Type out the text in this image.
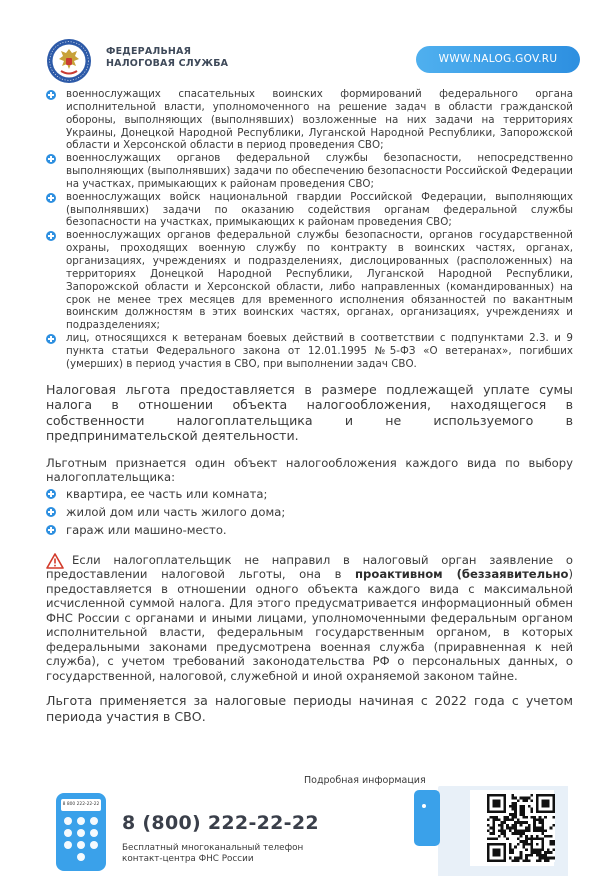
ФЕДЕРАЛЬНАЯ
НАЛОГОВАЯ СЛУЖБА	WWW.NALOG.GOV.RU
военнослужащих спасательных воинских формирований федерального органа исполнительной власти, уполномоченного на решение задач в области гражданской обороны, выполняющих (выполнявших) возложенные на них задачи на территориях Украины, Донецкой Народной Республики, Луганской Народной Республики, Запорожской области и Херсонской области в период проведения СВО;
военнослужащих органов федеральной службы безопасности, непосредственно выполняющих (выполнявших) задачи по обеспечению безопасности Российской Федерации на участках, примыкающих к районам проведения СВО;
военнослужащих войск национальной гвардии Российской Федерации, выполняющих (выполнявших) задачи по оказанию содействия органам федеральной службы безопасности на участках, примыкающих к районам проведения СВО;
военнослужащих органов федеральной службы безопасности, органов государственной охраны, проходящих военную службу по контракту в воинских частях, органах, организациях, учреждениях и подразделениях, дислоцированных (расположенных) на территориях Донецкой Народной Республики, Луганской Народной Республики, Запорожской области и Херсонской области, либо направленных (командированных) на срок не менее трех месяцев для временного исполнения обязанностей по вакантным воинским должностям в этих воинских частях, органах, организациях, учреждениях и подразделениях;
лиц, относящихся к ветеранам боевых действий в соответствии с подпунктами 2.3. и 9 пункта статьи Федерального закона от 12.01.1995 №5-ФЗ «О ветеранах», погибших (умерших) в период участия в СВО, при выполнении задач СВО.

Налоговая льгота предоставляется в размере подлежащей уплате сумы налога в отношении объекта налогообложения, находящегося в собственности налогоплательщика и не используемого в предпринимательской деятельности.

Льготным признается один объект налогообложения каждого вида по выбору налогоплательщика:

квартира, ее часть или комната;
жилой дом или часть жилого дома;
гараж или машино-место.

Если налогоплательщик не направил в налоговый орган заявление о предоставлении налоговой льготы, она в проактивном (беззаявительно) предоставляется в отношении одного объекта каждого вида с максимальной исчисленной суммой налога. Для этого предусматривается информационный обмен ФНС России с органами и иными лицами, уполномоченными федеральным органом исполнительной власти, федеральным государственным органом, в которых федеральными законами предусмотрена военная служба (приравненная к ней служба), с учетом требований законодательства РФ о персональных данных, о государственной, налоговой, служебной и иной охраняемой законом тайне.

Льгота применяется за налоговые периоды начиная с 2022 года с учетом периода участия в СВО.

Подробная информация
8 800 222-22-22
8 (800) 222-22-22
Бесплатный многоканальный телефон
контакт-центра ФНС России
